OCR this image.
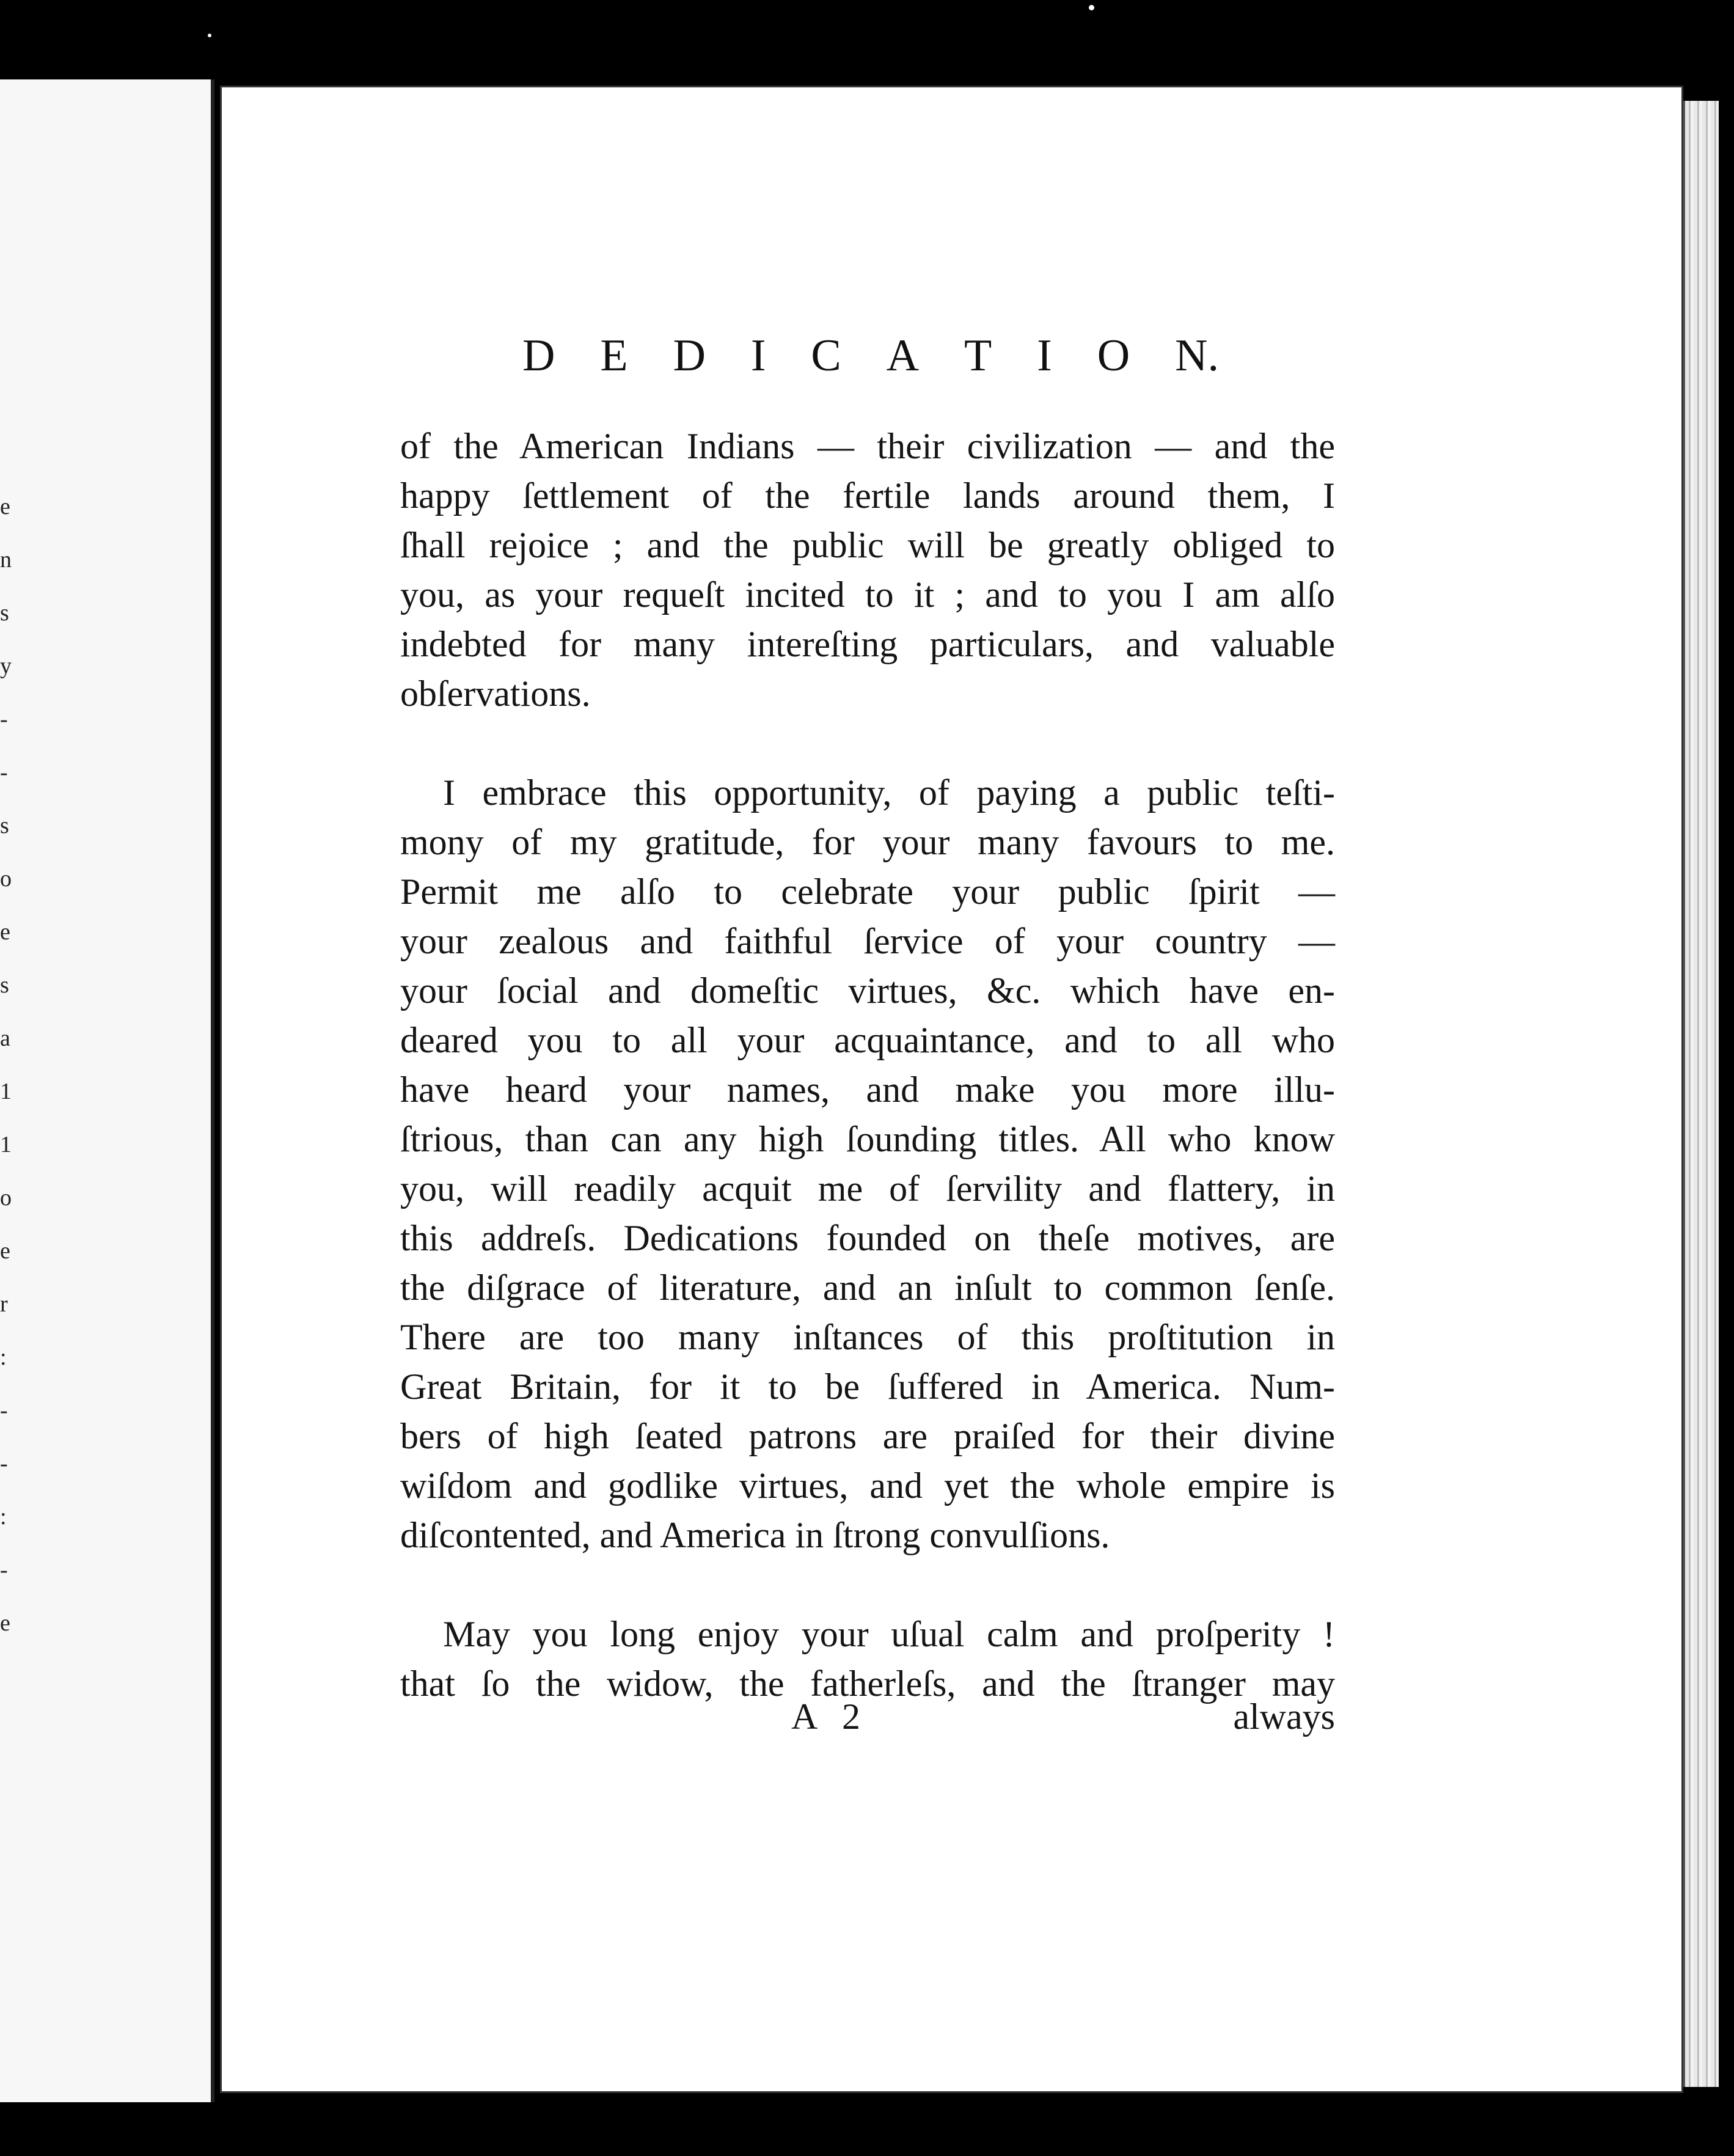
e
n
s
y
-
-
s
o
e
s
a
1
1
o
e
r
:
-
-
:
-
e
D E D I C A T I O N.
of the American Indians — their civilization — and the
happy ſettlement of the fertile lands around them, I
ſhall rejoice ; and the public will be greatly obliged to
you, as your requeſt incited to it ; and to you I am alſo
indebted for many intereſting particulars, and valuable
obſervations.
I embrace this opportunity, of paying a public teſti-
mony of my gratitude, for your many favours to me.
Permit me alſo to celebrate your public ſpirit —
your zealous and faithful ſervice of your country —
your ſocial and domeſtic virtues, &c. which have en-
deared you to all your acquaintance, and to all who
have heard your names, and make you more illu-
ſtrious, than can any high ſounding titles. All who know
you, will readily acquit me of ſervility and flattery, in
this addreſs. Dedications founded on theſe motives, are
the diſgrace of literature, and an inſult to common ſenſe.
There are too many inſtances of this proſtitution in
Great Britain, for it to be ſuffered in America. Num-
bers of high ſeated patrons are praiſed for their divine
wiſdom and godlike virtues, and yet the whole empire is
diſcontented, and America in ſtrong convulſions.
May you long enjoy your uſual calm and proſperity !
that ſo the widow, the fatherleſs, and the ſtranger may
A 2	always
